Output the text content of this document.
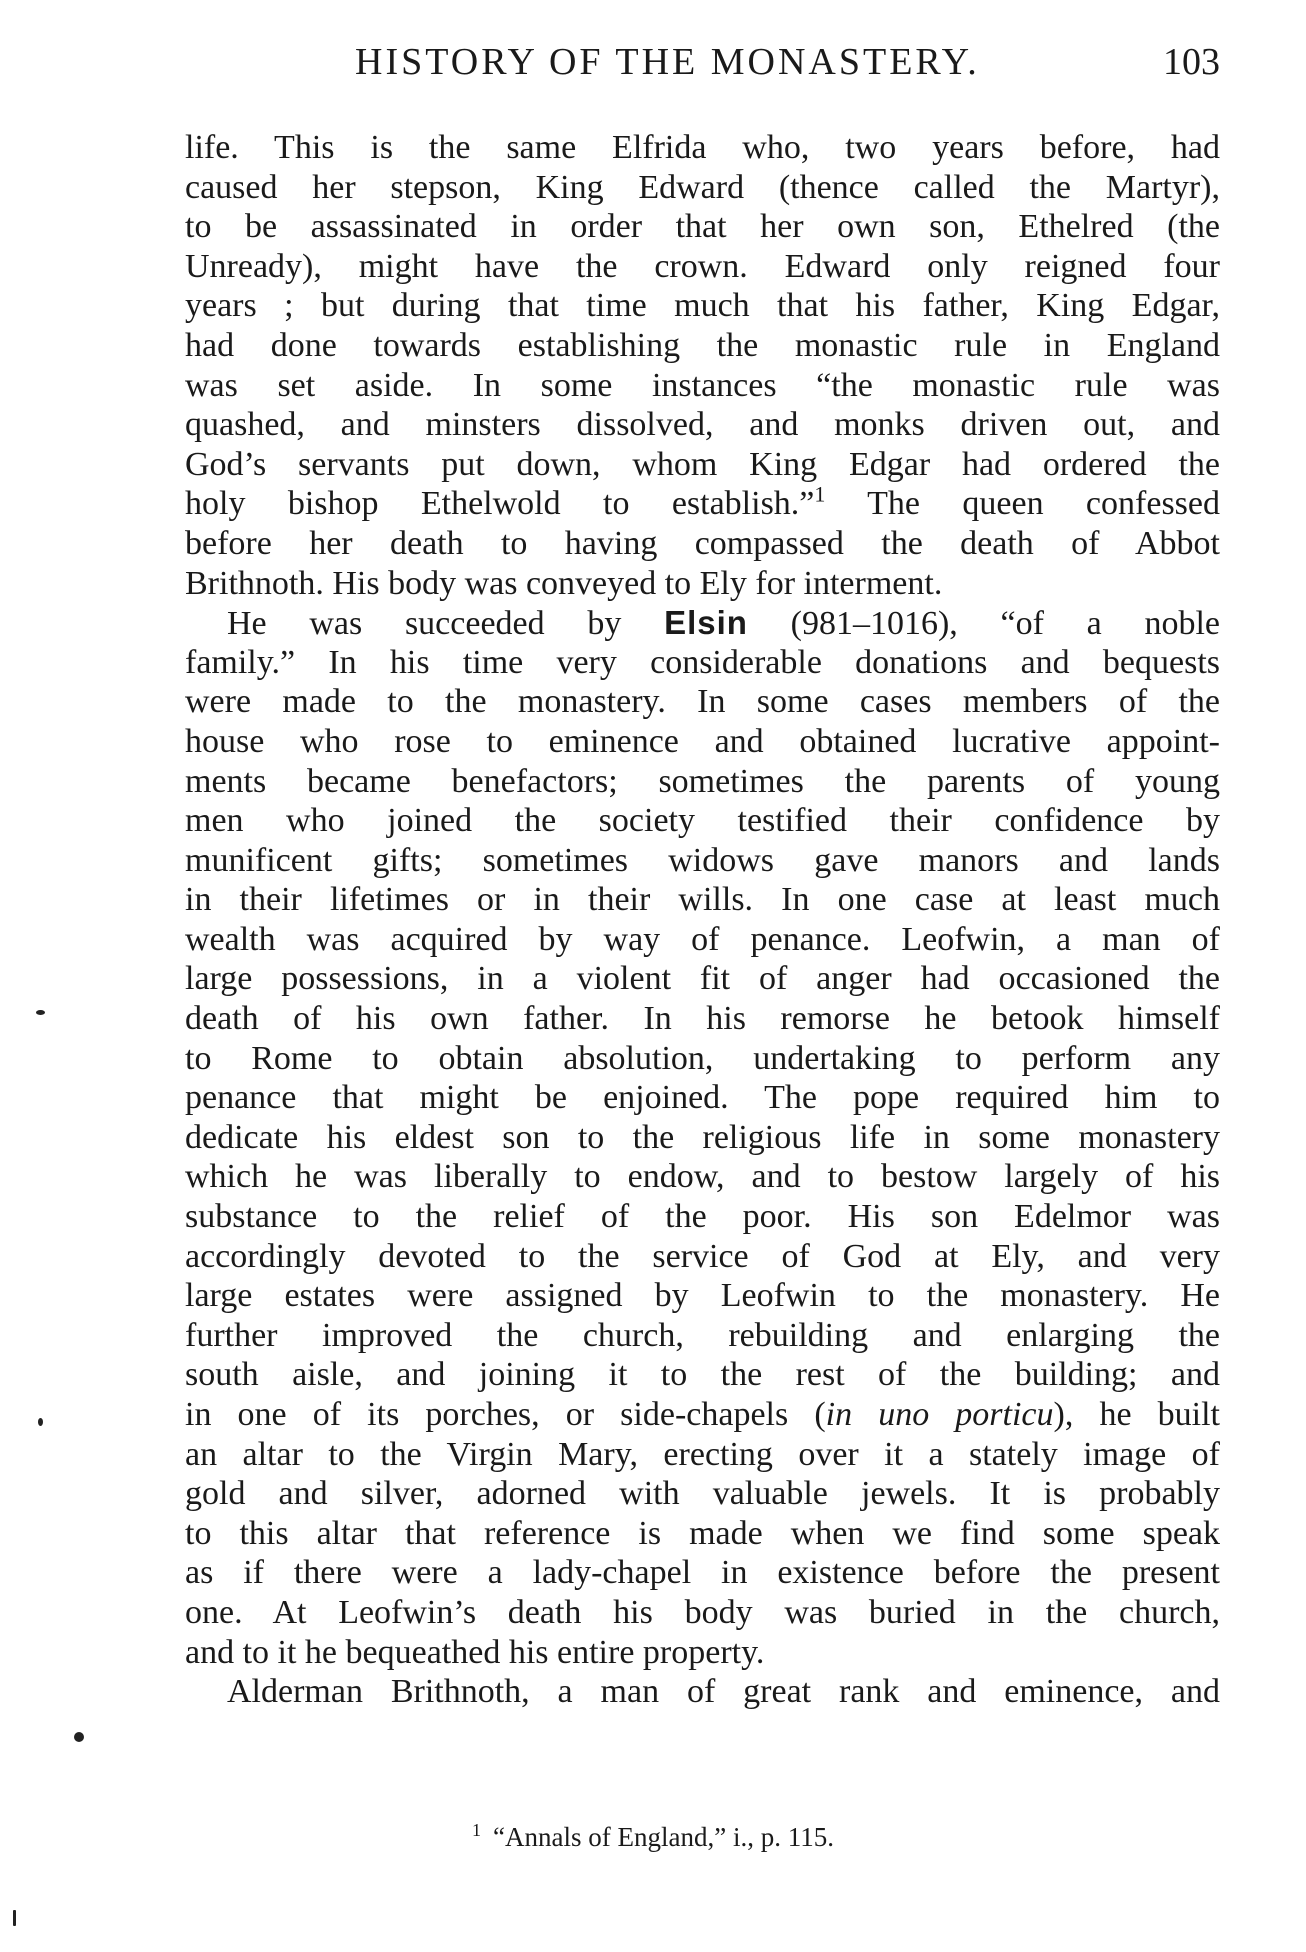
HISTORY OF THE MONASTERY.	103
life. This is the same Elfrida who, two years before, had
caused her stepson, King Edward (thence called the Martyr),
to be assassinated in order that her own son, Ethelred (the
Unready), might have the crown. Edward only reigned four
years ; but during that time much that his father, King Edgar,
had done towards establishing the monastic rule in England
was set aside. In some instances “the monastic rule was
quashed, and minsters dissolved, and monks driven out, and
God’s servants put down, whom King Edgar had ordered the
holy bishop Ethelwold to establish.”$^1$ The queen confessed
before her death to having compassed the death of Abbot
Brithnoth. His body was conveyed to Ely for interment.
He was succeeded by Elsin (981–1016), “of a noble
family.” In his time very considerable donations and bequests
were made to the monastery. In some cases members of the
house who rose to eminence and obtained lucrative appoint-
ments became benefactors; sometimes the parents of young
men who joined the society testified their confidence by
munificent gifts; sometimes widows gave manors and lands
in their lifetimes or in their wills. In one case at least much
wealth was acquired by way of penance. Leofwin, a man of
large possessions, in a violent fit of anger had occasioned the
death of his own father. In his remorse he betook himself
to Rome to obtain absolution, undertaking to perform any
penance that might be enjoined. The pope required him to
dedicate his eldest son to the religious life in some monastery
which he was liberally to endow, and to bestow largely of his
substance to the relief of the poor. His son Edelmor was
accordingly devoted to the service of God at Ely, and very
large estates were assigned by Leofwin to the monastery. He
further improved the church, rebuilding and enlarging the
south aisle, and joining it to the rest of the building; and
in one of its porches, or side-chapels (in uno porticu), he built
an altar to the Virgin Mary, erecting over it a stately image of
gold and silver, adorned with valuable jewels. It is probably
to this altar that reference is made when we find some speak
as if there were a lady-chapel in existence before the present
one. At Leofwin’s death his body was buried in the church,
and to it he bequeathed his entire property.
Alderman Brithnoth, a man of great rank and eminence, and
$^1$ “Annals of England,” i., p. 115.
